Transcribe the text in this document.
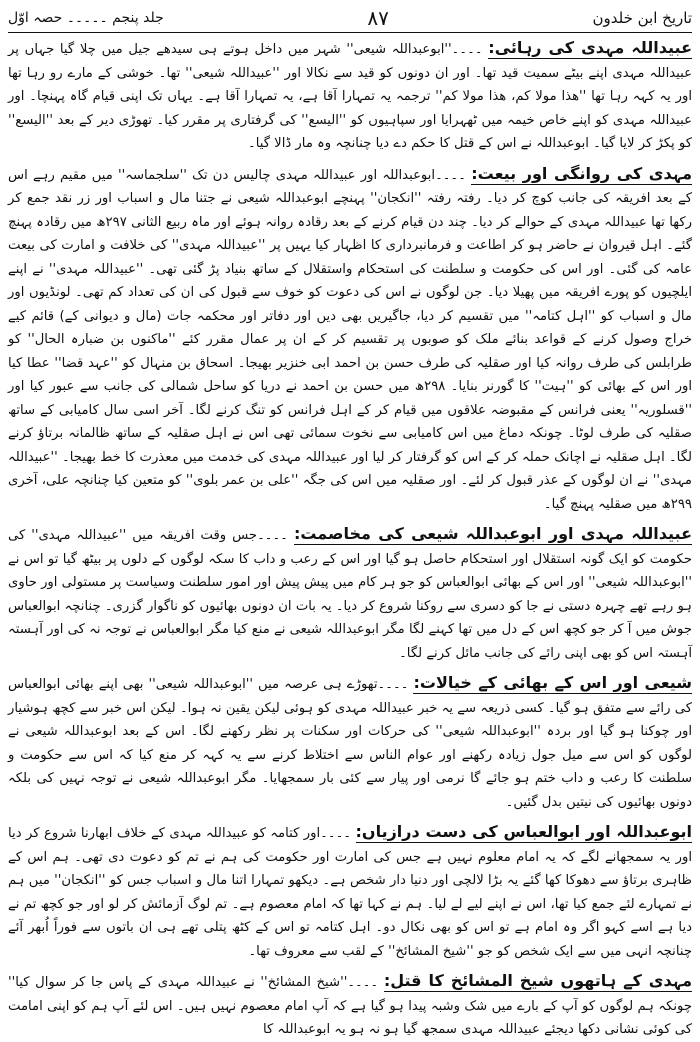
تاریخ ابن خلدون
۸۷
جلد پنجم ۔۔۔۔۔ حصہ اوّل

عبیداللہ مہدی کی رہائی: ۔۔۔۔''ابوعبداللہ شیعی'' شہر میں داخل ہوتے ہی سیدھے جیل میں چلا گیا جہاں پر عبیداللہ مہدی اپنے بیٹے سمیت قید تھا۔ اور ان دونوں کو قید سے نکالا اور ''عبیداللہ شیعی'' تھا۔ خوشی کے مارے رو رہا تھا اور یہ کہہ رہا تھا ''ھذا مولا کم، ھذا مولا کم'' ترجمہ یہ تمہارا آقا ہے، یہ تمہارا آقا ہے۔ یہاں تک اپنی قیام گاہ پہنچا۔ اور عبیداللہ مہدی کو اپنے خاص خیمہ میں ٹھہرایا اور سپاہیوں کو ''الیسع'' کی گرفتاری پر مقرر کیا۔ تھوڑی دیر کے بعد ''الیسع'' کو پکڑ کر لایا گیا۔ ابوعبداللہ نے اس کے قتل کا حکم دے دیا چنانچہ وہ مار ڈالا گیا۔

مہدی کی روانگی اور بیعت: ۔۔۔۔ابوعبداللہ اور عبیداللہ مہدی چالیس دن تک ''سلجماسہ'' میں مقیم رہے اس کے بعد افریقہ کی جانب کوچ کر دیا۔ رفتہ رفتہ ''انکجان'' پہنچے ابوعبداللہ شیعی نے جتنا مال و اسباب اور زر نقد جمع کر رکھا تھا عبیداللہ مہدی کے حوالے کر دیا۔ چند دن قیام کرنے کے بعد رقادہ روانہ ہوئے اور ماہ ربیع الثانی ۲۹۷ھ میں رقادہ پہنچ گئے۔ اہل قیروان نے حاضر ہو کر اطاعت و فرمانبرداری کا اظہار کیا یہیں پر ''عبیداللہ مہدی'' کی خلافت و امارت کی بیعت عامہ کی گئی۔ اور اس کی حکومت و سلطنت کی استحکام واستقلال کے ساتھ بنیاد پڑ گئی تھی۔ ''عبیداللہ مہدی'' نے اپنے ایلچیوں کو پورے افریقہ میں پھیلا دیا۔ جن لوگوں نے اس کی دعوت کو خوف سے قبول کی ان کی تعداد کم تھی۔ لونڈیوں اور مال و اسباب کو ''اہل کتامہ'' میں تقسیم کر دیا، جاگیریں بھی دیں اور دفاتر اور محکمہ جات (مال و دیوانی کے) قائم کیے خراج وصول کرنے کے قواعد بنائے ملک کو صوبوں پر تقسیم کر کے ان پر عمال مقرر کئے ''ماکنوں بن ضبارہ الحال'' کو طرابلس کی طرف روانہ کیا اور صقلیہ کی طرف حسن بن احمد ابی خنزیر بھیجا۔ اسحاق بن منہال کو ''عہد قضا'' عطا کیا اور اس کے بھائی کو ''ہیت'' کا گورنر بنایا۔ ۲۹۸ھ میں حسن بن احمد نے دریا کو ساحل شمالی کی جانب سے عبور کیا اور ''قسلوریہ'' یعنی فرانس کے مقبوضہ علاقوں میں قیام کر کے اہل فرانس کو تنگ کرنے لگا۔ آخر اسی سال کامیابی کے ساتھ صقلیہ کی طرف لوٹا۔ چونکہ دماغ میں اس کامیابی سے نخوت سمائی تھی اس نے اہل صقلیہ کے ساتھ ظالمانہ برتاؤ کرنے لگا۔ اہل صقلیہ نے اچانک حملہ کر کے اس کو گرفتار کر لیا اور عبیداللہ مہدی کی خدمت میں معذرت کا خط بھیجا۔ ''عبیداللہ مہدی'' نے ان لوگوں کے عذر قبول کر لئے۔ اور صقلیہ میں اس کی جگہ ''علی بن عمر بلوی'' کو متعین کیا چنانچہ علی، آخری ۲۹۹ھ میں صقلیہ پہنچ گیا۔

عبیداللہ مہدی اور ابوعبداللہ شیعی کی مخاصمت: ۔۔۔۔جس وقت افریقہ میں ''عبیداللہ مہدی'' کی حکومت کو ایک گونہ استقلال اور استحکام حاصل ہو گیا اور اس کے رعب و داب کا سکہ لوگوں کے دلوں پر بیٹھ گیا تو اس نے ''ابوعبداللہ شیعی'' اور اس کے بھائی ابوالعباس کو جو ہر کام میں پیش پیش اور امور سلطنت وسیاست پر مستولی اور حاوی ہو رہے تھے چہرہ دستی نے جا کو دسری سے روکنا شروع کر دیا۔ یہ بات ان دونوں بھائیوں کو ناگوار گزری۔ چنانچہ ابوالعباس جوش میں آ کر جو کچھ اس کے دل میں تھا کہنے لگا مگر ابوعبداللہ شیعی نے منع کیا مگر ابوالعباس نے توجہ نہ کی اور آہستہ آہستہ اس کو بھی اپنی رائے کی جانب مائل کرنے لگا۔

شیعی اور اس کے بھائی کے خیالات: ۔۔۔۔تھوڑے ہی عرصہ میں ''ابوعبداللہ شیعی'' بھی اپنے بھائی ابوالعباس کی رائے سے متفق ہو گیا۔ کسی ذریعہ سے یہ خبر عبیداللہ مہدی کو ہوئی لیکن یقین نہ ہوا۔ لیکن اس خبر سے کچھ ہوشیار اور چوکنا ہو گیا اور بردہ ''ابوعبداللہ شیعی'' کی حرکات اور سکنات پر نظر رکھنے لگا۔ اس کے بعد ابوعبداللہ شیعی نے لوگوں کو اس سے میل جول زیادہ رکھنے اور عوام الناس سے اختلاط کرنے سے یہ کہہ کر منع کیا کہ اس سے حکومت و سلطنت کا رعب و داب ختم ہو جائے گا نرمی اور پیار سے کئی بار سمجھایا۔ مگر ابوعبداللہ شیعی نے توجہ نہیں کی بلکہ دونوں بھائیوں کی نیتیں بدل گئیں۔

ابوعبداللہ اور ابوالعباس کی دست درازیاں: ۔۔۔۔اور کتامہ کو عبیداللہ مہدی کے خلاف ابھارنا شروع کر دیا اور یہ سمجھانے لگے کہ یہ امام معلوم نہیں ہے جس کی امارت اور حکومت کی ہم نے تم کو دعوت دی تھی۔ ہم اس کے ظاہری برتاؤ سے دھوکا کھا گئے یہ بڑا لالچی اور دنیا دار شخص ہے۔ دیکھو تمہارا اتنا مال و اسباب جس کو ''انکجان'' میں ہم نے تمہارے لئے جمع کیا تھا، اس نے اپنے لیے لے لیا۔ ہم نے کہا تھا کہ امام معصوم ہے۔ تم لوگ آزمائش کر لو اور جو کچھ تم نے دیا ہے اسے کہو اگر وہ امام ہے تو اس کو بھی نکال دو۔ اہل کتامہ تو اس کے کٹھ پتلی تھے ہی ان باتوں سے فوراً اُبھر آئے چنانچہ انہی میں سے ایک شخص کو جو ''شیخ المشائخ'' کے لقب سے معروف تھا۔

مہدی کے ہاتھوں شیخ المشائخ کا قتل: ۔۔۔۔''شیخ المشائخ'' نے عبیداللہ مہدی کے پاس جا کر سوال کیا'' چونکہ ہم لوگوں کو آپ کے بارے میں شک وشبہ پیدا ہو گیا ہے کہ آپ امام معصوم نہیں ہیں۔ اس لئے آپ ہم کو اپنی امامت کی کوئی نشانی دکھا دیجئے عبیداللہ مہدی سمجھ گیا ہو نہ ہو یہ ابوعبداللہ کا
